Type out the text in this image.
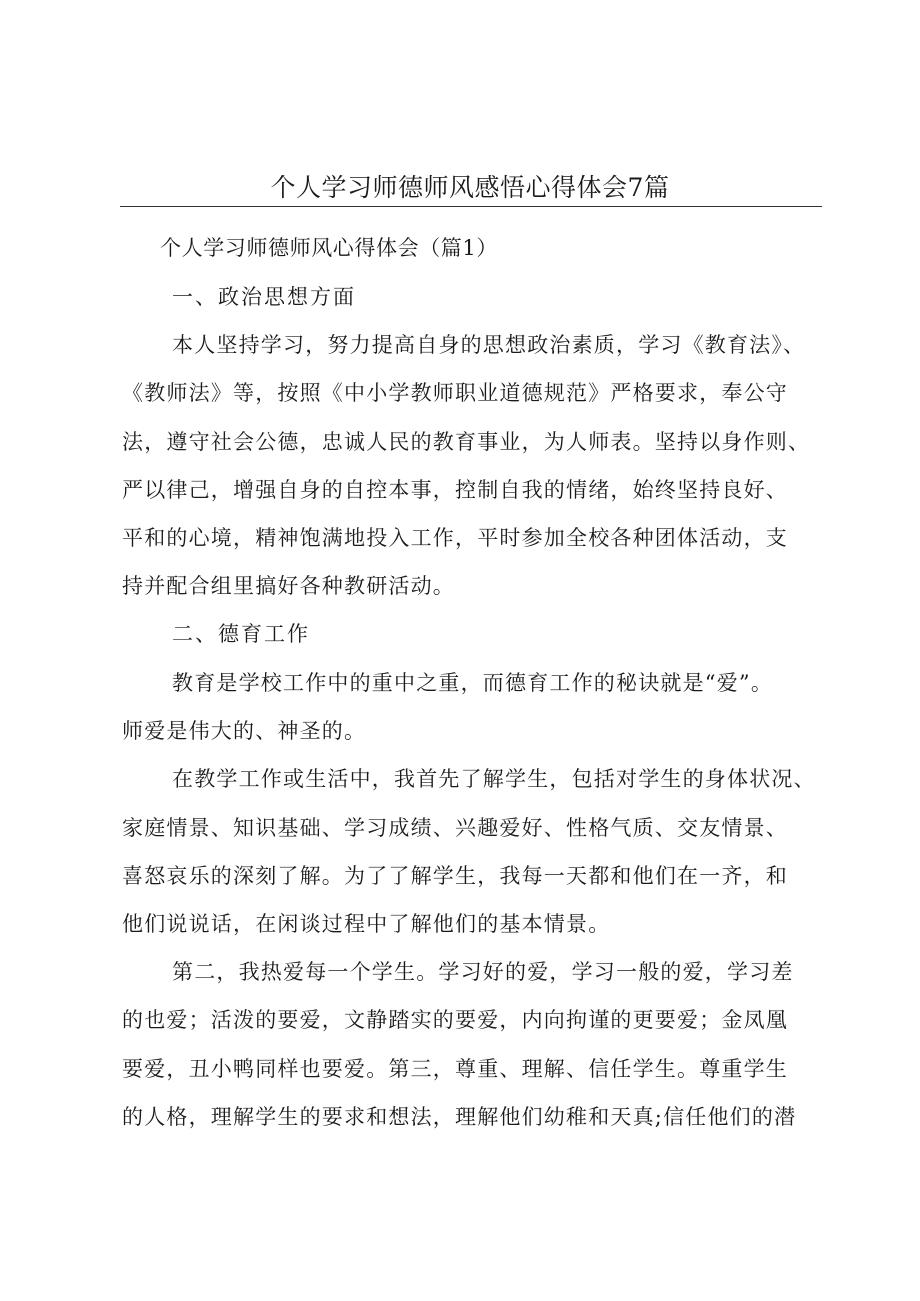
个人学习师德师风感悟心得体会7篇
个人学习师德师风心得体会（篇1）
一、政治思想方面
本人坚持学习，努力提高自身的思想政治素质，学习《教育法》、
《教师法》等，按照《中小学教师职业道德规范》严格要求，奉公守
法，遵守社会公德，忠诚人民的教育事业，为人师表。坚持以身作则、
严以律己，增强自身的自控本事，控制自我的情绪，始终坚持良好、
平和的心境，精神饱满地投入工作，平时参加全校各种团体活动，支
持并配合组里搞好各种教研活动。
二、德育工作
教育是学校工作中的重中之重，而德育工作的秘诀就是“爱”。
师爱是伟大的、神圣的。
在教学工作或生活中，我首先了解学生，包括对学生的身体状况、
家庭情景、知识基础、学习成绩、兴趣爱好、性格气质、交友情景、
喜怒哀乐的深刻了解。为了了解学生，我每一天都和他们在一齐，和
他们说说话，在闲谈过程中了解他们的基本情景。
第二，我热爱每一个学生。学习好的爱，学习一般的爱，学习差
的也爱；活泼的要爱，文静踏实的要爱，内向拘谨的更要爱；金凤凰
要爱，丑小鸭同样也要爱。第三，尊重、理解、信任学生。尊重学生
的人格，理解学生的要求和想法，理解他们幼稚和天真;信任他们的潜
